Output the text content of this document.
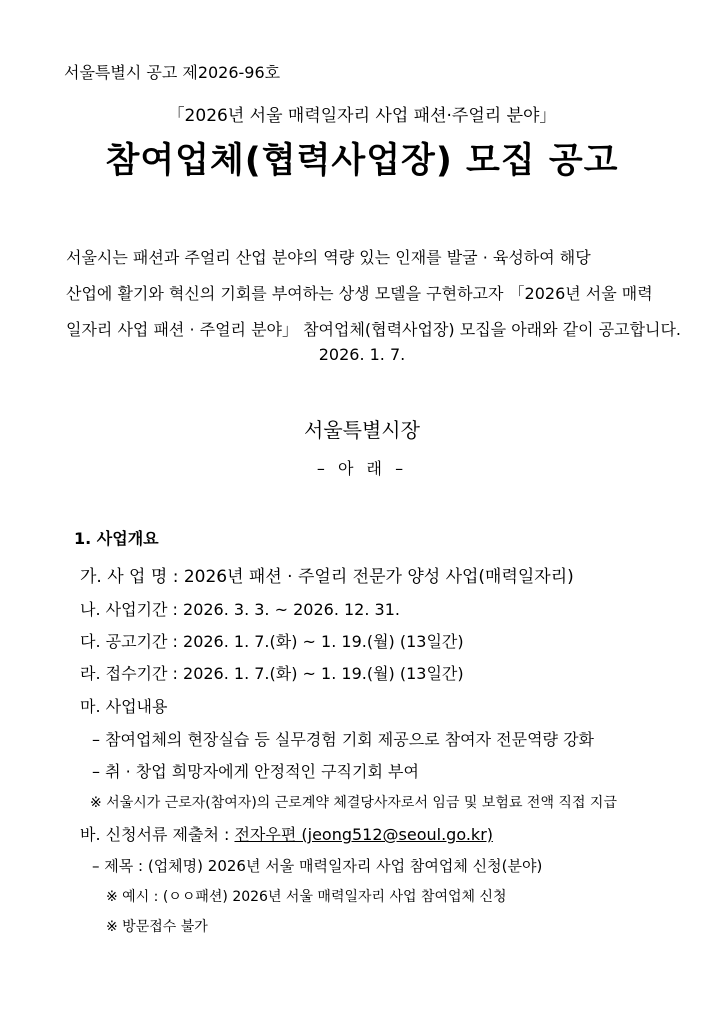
서울특별시 공고 제2026-96호
「2026년 서울 매력일자리 사업 패션·주얼리 분야」
참여업체(협력사업장) 모집 공고

서울시는 패션과 주얼리 산업 분야의 역량 있는 인재를 발굴 · 육성하여 해당

산업에 활기와 혁신의 기회를 부여하는 상생 모델을 구현하고자 「2026년 서울 매력

일자리 사업 패션 · 주얼리 분야」 참여업체(협력사업장) 모집을 아래와 같이 공고합니다.

2026. 1. 7.
서울특별시장
– 아 래 –
1. 사업개요
가. 사 업 명 : 2026년 패션 · 주얼리 전문가 양성 사업(매력일자리)
나. 사업기간 : 2026. 3. 3. ~ 2026. 12. 31.
다. 공고기간 : 2026. 1. 7.(화) ~ 1. 19.(월) (13일간)
라. 접수기간 : 2026. 1. 7.(화) ~ 1. 19.(월) (13일간)
마. 사업내용
– 참여업체의 현장실습 등 실무경험 기회 제공으로 참여자 전문역량 강화
– 취 · 창업 희망자에게 안정적인 구직기회 부여
※ 서울시가 근로자(참여자)의 근로계약 체결당사자로서 임금 및 보험료 전액 직접 지급
바. 신청서류 제출처 : 전자우편 (jeong512@seoul.go.kr)
– 제목 : (업체명) 2026년 서울 매력일자리 사업 참여업체 신청(분야)
※ 예시 : (ㅇㅇ패션) 2026년 서울 매력일자리 사업 참여업체 신청
※ 방문접수 불가
